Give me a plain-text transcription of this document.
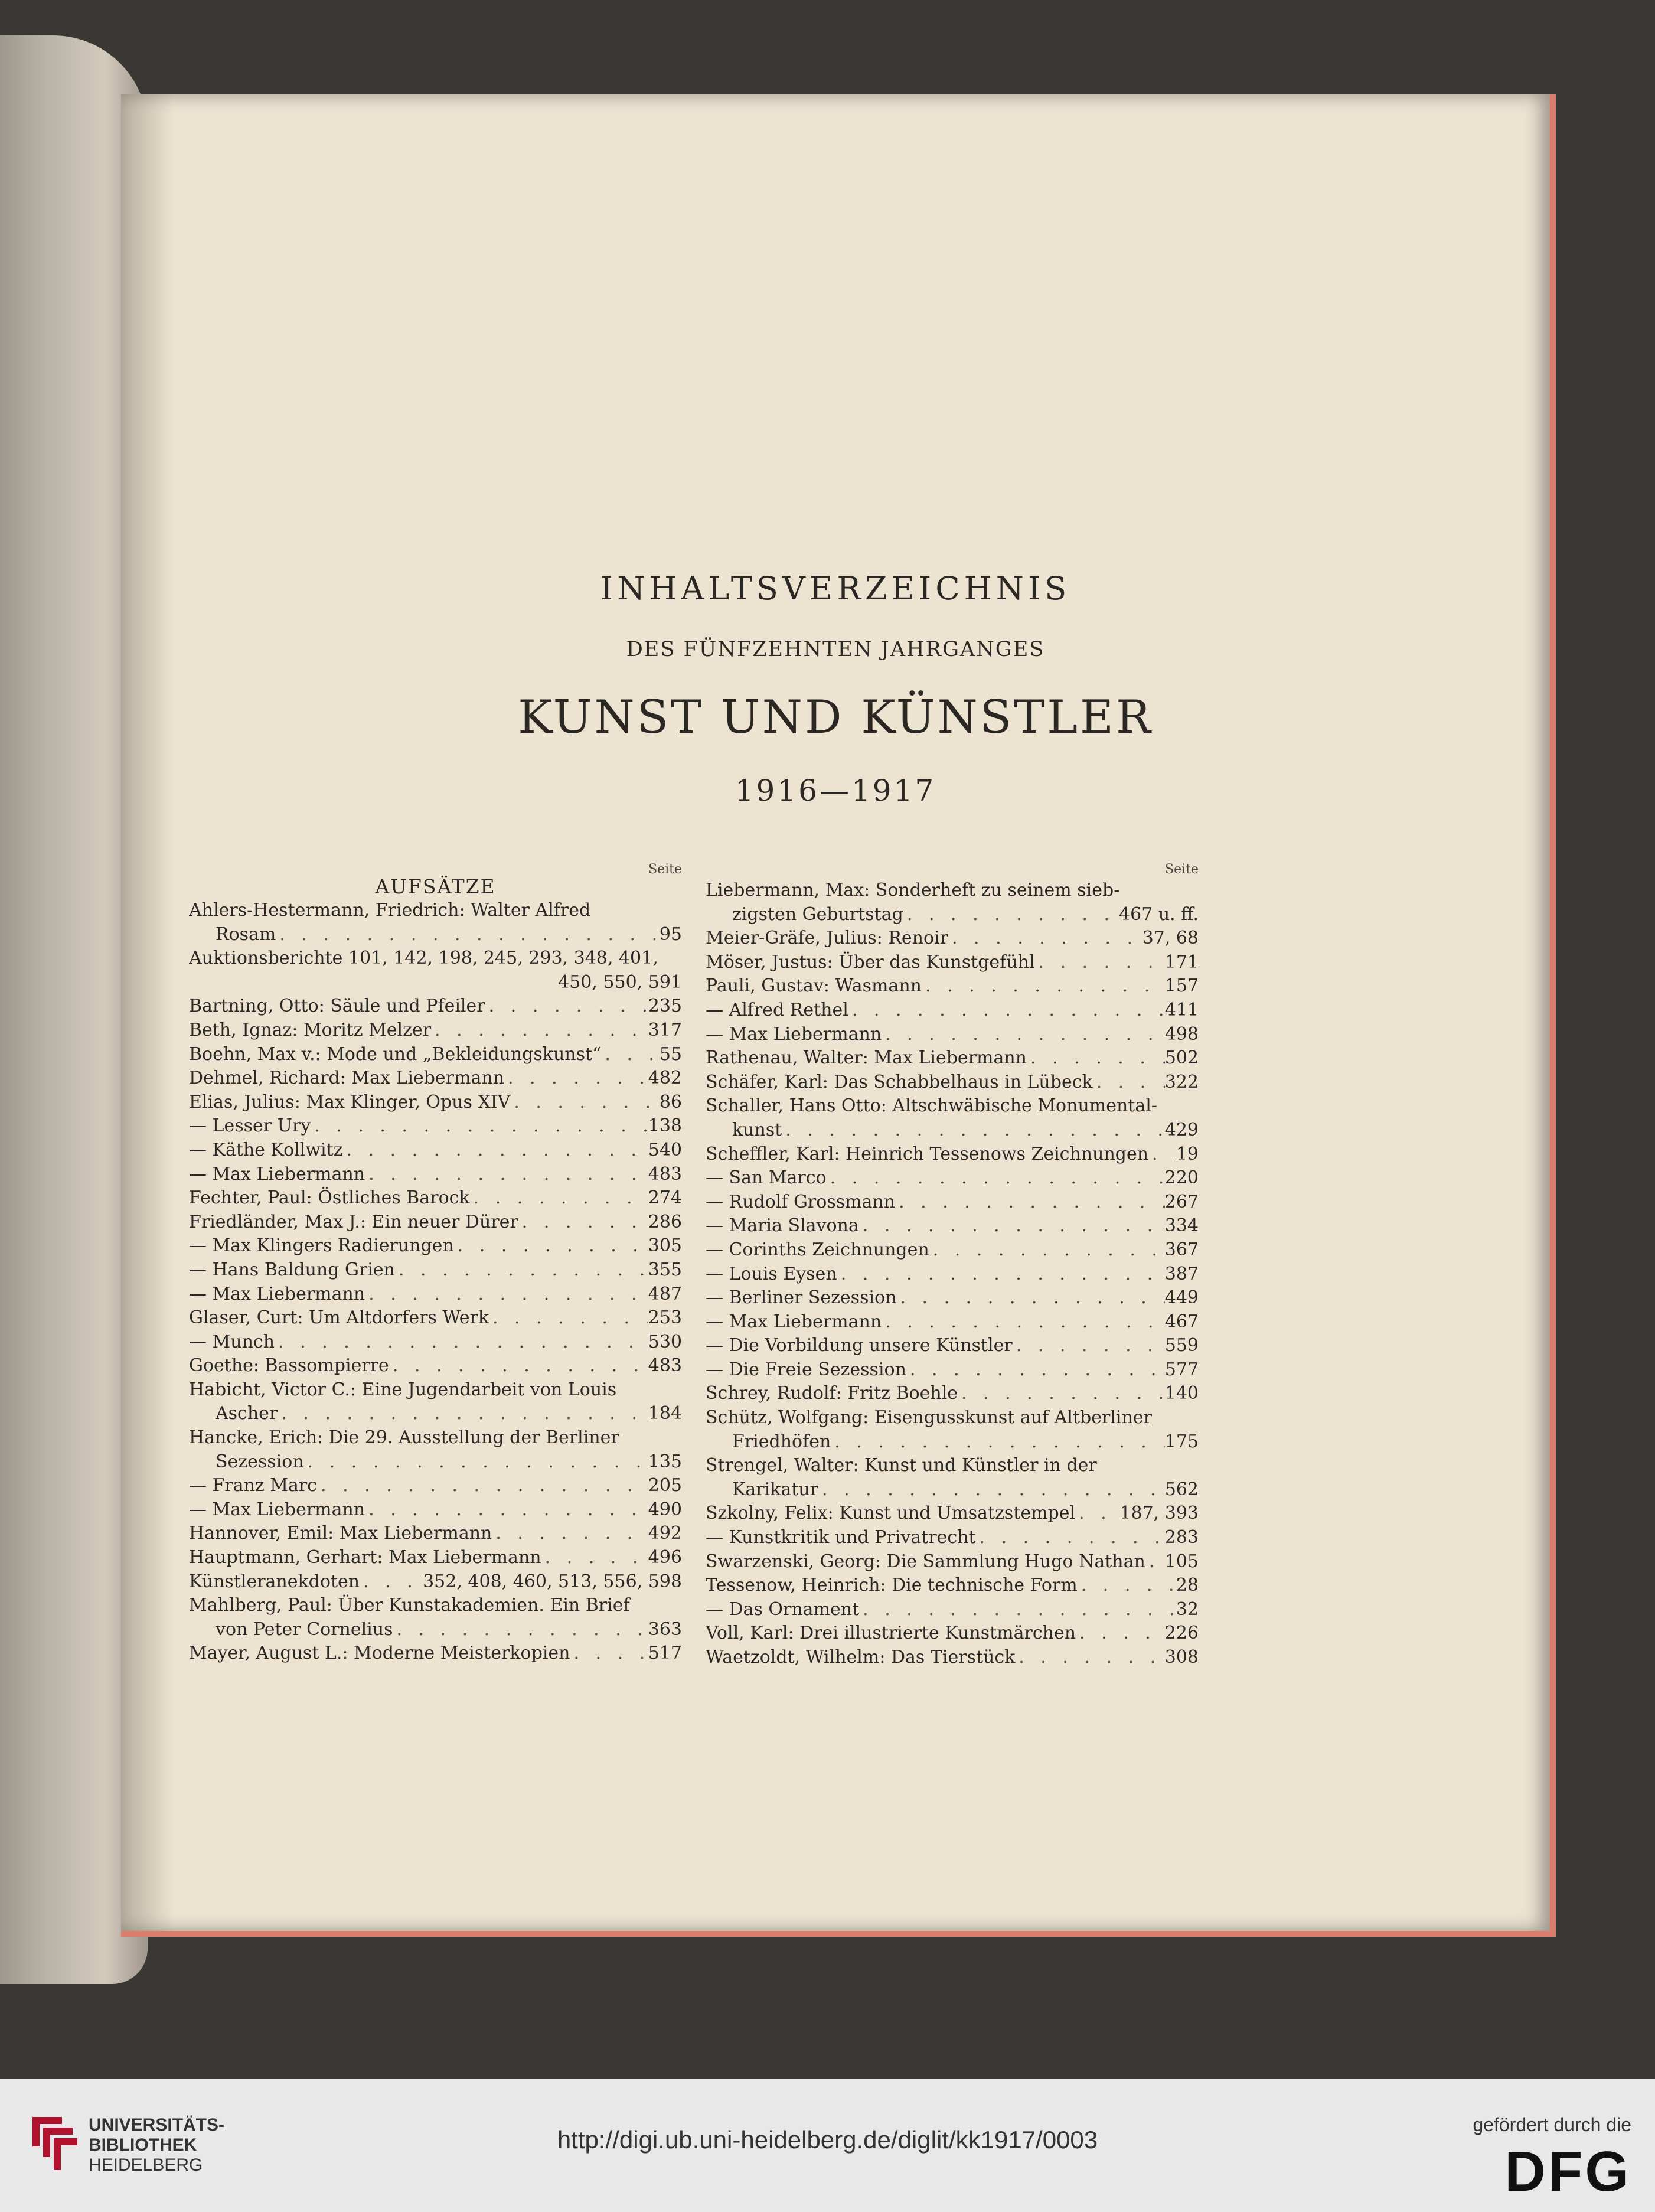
INHALTSVERZEICHNIS
DES FÜNFZEHNTEN JAHRGANGES
KUNST UND KÜNSTLER
1916—1917
Seite
AUFSÄTZE
Ahlers-Hestermann, Friedrich: Walter Alfred
Rosam . . .	95
Auktionsberichte 101, 142, 198, 245, 293, 348, 401,
450, 550, 591
Bartning, Otto: Säule und Pfeiler . . .	235
Beth, Ignaz: Moritz Melzer . . .	317
Boehn, Max v.: Mode und „Bekleidungskunst“ . . .	55
Dehmel, Richard: Max Liebermann . . .	482
Elias, Julius: Max Klinger, Opus XIV . . .	86
— Lesser Ury . . .	138
— Käthe Kollwitz . . .	540
— Max Liebermann . . .	483
Fechter, Paul: Östliches Barock . . .	274
Friedländer, Max J.: Ein neuer Dürer . . .	286
— Max Klingers Radierungen . . .	305
— Hans Baldung Grien . . .	355
— Max Liebermann . . .	487
Glaser, Curt: Um Altdorfers Werk . . .	253
— Munch . . .	530
Goethe: Bassompierre . . .	483
Habicht, Victor C.: Eine Jugendarbeit von Louis
Ascher . . .	184
Hancke, Erich: Die 29. Ausstellung der Berliner
Sezession . . .	135
— Franz Marc . . .	205
— Max Liebermann . . .	490
Hannover, Emil: Max Liebermann . . .	492
Hauptmann, Gerhart: Max Liebermann . . .	496
Künstleranekdoten . . .	352, 408, 460, 513, 556, 598
Mahlberg, Paul: Über Kunstakademien. Ein Brief
von Peter Cornelius . . .	363
Mayer, August L.: Moderne Meisterkopien . . .	517
Seite
Liebermann, Max: Sonderheft zu seinem sieb-
zigsten Geburtstag . . .	467 u. ff.
Meier-Gräfe, Julius: Renoir . . .	37, 68
Möser, Justus: Über das Kunstgefühl . . .	171
Pauli, Gustav: Wasmann . . .	157
— Alfred Rethel . . .	411
— Max Liebermann . . .	498
Rathenau, Walter: Max Liebermann . . .	502
Schäfer, Karl: Das Schabbelhaus in Lübeck . . .	322
Schaller, Hans Otto: Altschwäbische Monumental-
kunst . . .	429
Scheffler, Karl: Heinrich Tessenows Zeichnungen . . . 19
— San Marco . . .	220
— Rudolf Grossmann . . .	267
— Maria Slavona . . .	334
— Corinths Zeichnungen . . .	367
— Louis Eysen . . .	387
— Berliner Sezession . . .	449
— Max Liebermann . . .	467
— Die Vorbildung unsere Künstler . . .	559
— Die Freie Sezession . . .	577
Schrey, Rudolf: Fritz Boehle . . .	140
Schütz, Wolfgang: Eisengusskunst auf Altberliner
Friedhöfen . . .	175
Strengel, Walter: Kunst und Künstler in der
Karikatur . . .	562
Szkolny, Felix: Kunst und Umsatzstempel . . .	187, 393
— Kunstkritik und Privatrecht . . .	283
Swarzenski, Georg: Die Sammlung Hugo Nathan . . . 105
Tessenow, Heinrich: Die technische Form . . .	28
— Das Ornament . . .	32
Voll, Karl: Drei illustrierte Kunstmärchen . . .	226
Waetzoldt, Wilhelm: Das Tierstück . . .	308
UNIVERSITÄTS-
BIBLIOTHEK
HEIDELBERG
http://digi.ub.uni-heidelberg.de/diglit/kk1917/0003
gefördert durch die
DFG
